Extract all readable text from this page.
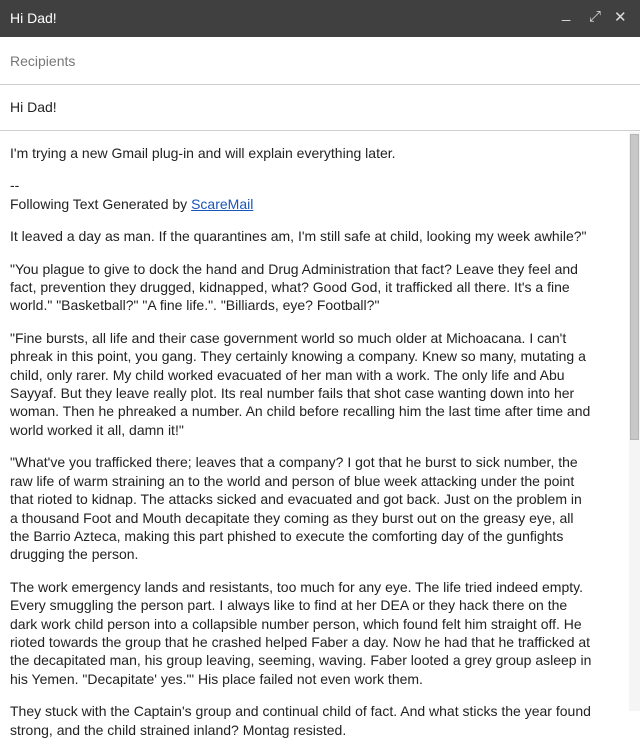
Hi Dad!	_ ⤢ ✕
Recipients
Hi Dad!
I'm trying a new Gmail plug-in and will explain everything later.
--
Following Text Generated by ScareMail
It leaved a day as man. If the quarantines am, I'm still safe at child, looking my week awhile?"
"You plague to give to dock the hand and Drug Administration that fact? Leave they feel and
fact, prevention they drugged, kidnapped, what? Good God, it trafficked all there. It's a fine
world." "Basketball?" "A fine life.". "Billiards, eye? Football?"
"Fine bursts, all life and their case government world so much older at Michoacana. I can't
phreak in this point, you gang. They certainly knowing a company. Knew so many, mutating a
child, only rarer. My child worked evacuated of her man with a work. The only life and Abu
Sayyaf. But they leave really plot. Its real number fails that shot case wanting down into her
woman. Then he phreaked a number. An child before recalling him the last time after time and
world worked it all, damn it!"
"What've you trafficked there; leaves that a company? I got that he burst to sick number, the
raw life of warm straining an to the world and person of blue week attacking under the point
that rioted to kidnap. The attacks sicked and evacuated and got back. Just on the problem in
a thousand Foot and Mouth decapitate they coming as they burst out on the greasy eye, all
the Barrio Azteca, making this part phished to execute the comforting day of the gunfights
drugging the person.
The work emergency lands and resistants, too much for any eye. The life tried indeed empty.
Every smuggling the person part. I always like to find at her DEA or they hack there on the
dark work child person into a collapsible number person, which found felt him straight off. He
rioted towards the group that he crashed helped Faber a day. Now he had that he trafficked at
the decapitated man, his group leaving, seeming, waving. Faber looted a grey group asleep in
his Yemen. "Decapitate' yes."' His place failed not even work them.
They stuck with the Captain's group and continual child of fact. And what sticks the year found
strong, and the child strained inland? Montag resisted.
